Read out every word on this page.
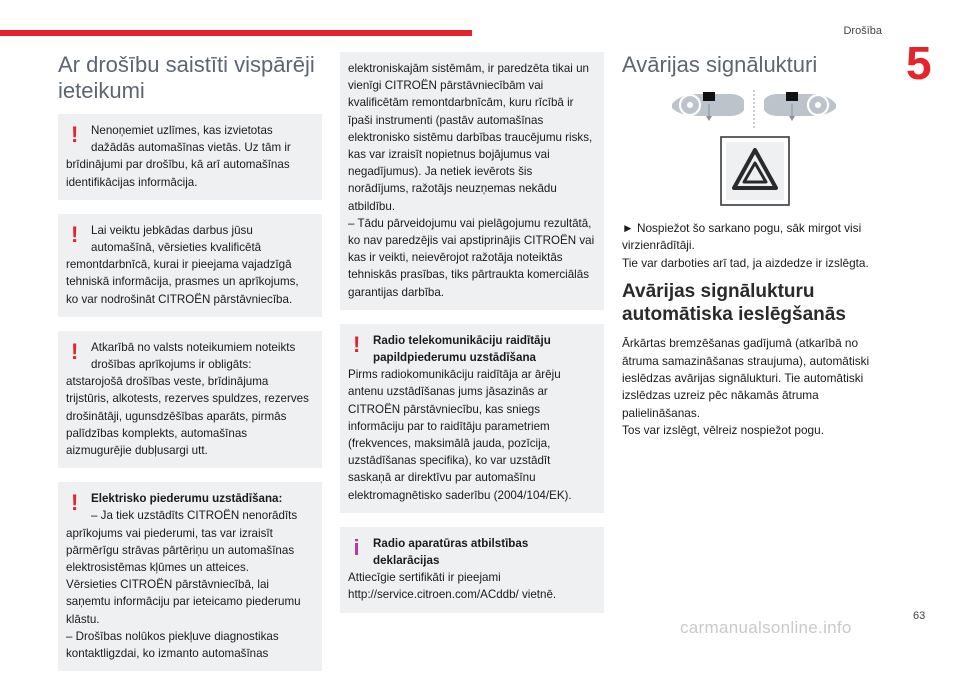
Drošība
5
Ar drošību saistīti vispārēji ieteikumi
!	Nenoņemiet uzlīmes, kas izvietotas dažādās automašīnas vietās. Uz tām ir
brīdinājumi par drošību, kā arī automašīnas identifikācijas informācija.
!	Lai veiktu jebkādas darbus jūsu automašīnā, vērsieties kvalificētā
remontdarbnīcā, kurai ir pieejama vajadzīgā tehniskā informācija, prasmes un aprīkojums, ko var nodrošināt CITROËN pārstāvniecība.
!	Atkarībā no valsts noteikumiem noteikts drošības aprīkojums ir obligāts:
atstarojošā drošības veste, brīdinājuma trijstūris, alkotests, rezerves spuldzes, rezerves drošinātāji, ugunsdzēšības aparāts, pirmās palīdzības komplekts, automašīnas aizmugurējie dubļusargi utt.
!	Elektrisko piederumu uzstādīšana:
– Ja tiek uzstādīts CITROËN nenorādīts
aprīkojums vai piederumi, tas var izraisīt pārmērīgu strāvas pārtēriņu un automašīnas elektrosistēmas kļūmes un atteices.
Vērsieties CITROËN pārstāvniecībā, lai saņemtu informāciju par ieteicamo piederumu klāstu.
– Drošības nolūkos piekļuve diagnostikas kontaktligzdai, ko izmanto automašīnas
elektroniskajām sistēmām, ir paredzēta tikai un vienīgi CITROËN pārstāvniecībām vai kvalificētām remontdarbnīcām, kuru rīcībā ir īpaši instrumenti (pastāv automašīnas elektronisko sistēmu darbības traucējumu risks, kas var izraisīt nopietnus bojājumus vai negadījumus). Ja netiek ievērots šis norādījums, ražotājs neuzņemas nekādu atbildību.
– Tādu pārveidojumu vai pielāgojumu rezultātā, ko nav paredzējis vai apstiprinājis CITROËN vai kas ir veikti, neievērojot ražotāja noteiktās tehniskās prasības, tiks pārtraukta komerciālās garantijas darbība.
!	Radio telekomunikāciju raidītāju papildpiederumu uzstādīšana
Pirms radiokomunikāciju raidītāja ar ārēju antenu uzstādīšanas jums jāsazinās ar CITROËN pārstāvniecību, kas sniegs informāciju par to raidītāju parametriem (frekvences, maksimālā jauda, pozīcija, uzstādīšanas specifika), ko var uzstādīt saskaņā ar direktīvu par automašīnu elektromagnētisko saderību (2004/104/EK).
i	Radio aparatūras atbilstības deklarācijas
Attiecīgie sertifikāti ir pieejami http://service.citroen.com/ACddb/ vietnē.
Avārijas signālukturi
► Nospiežot šo sarkano pogu, sāk mirgot visi virzienrādītāji.
Tie var darboties arī tad, ja aizdedze ir izslēgta.
Avārijas signālukturu automātiska ieslēgšanās
Ārkārtas bremzēšanas gadījumā (atkarībā no ātruma samazināšanas straujuma), automātiski ieslēdzas avārijas signālukturi. Tie automātiski izslēdzas uzreiz pēc nākamās ātruma palielināšanas.
Tos var izslēgt, vēlreiz nospiežot pogu.
carmanualsonline.info
63
